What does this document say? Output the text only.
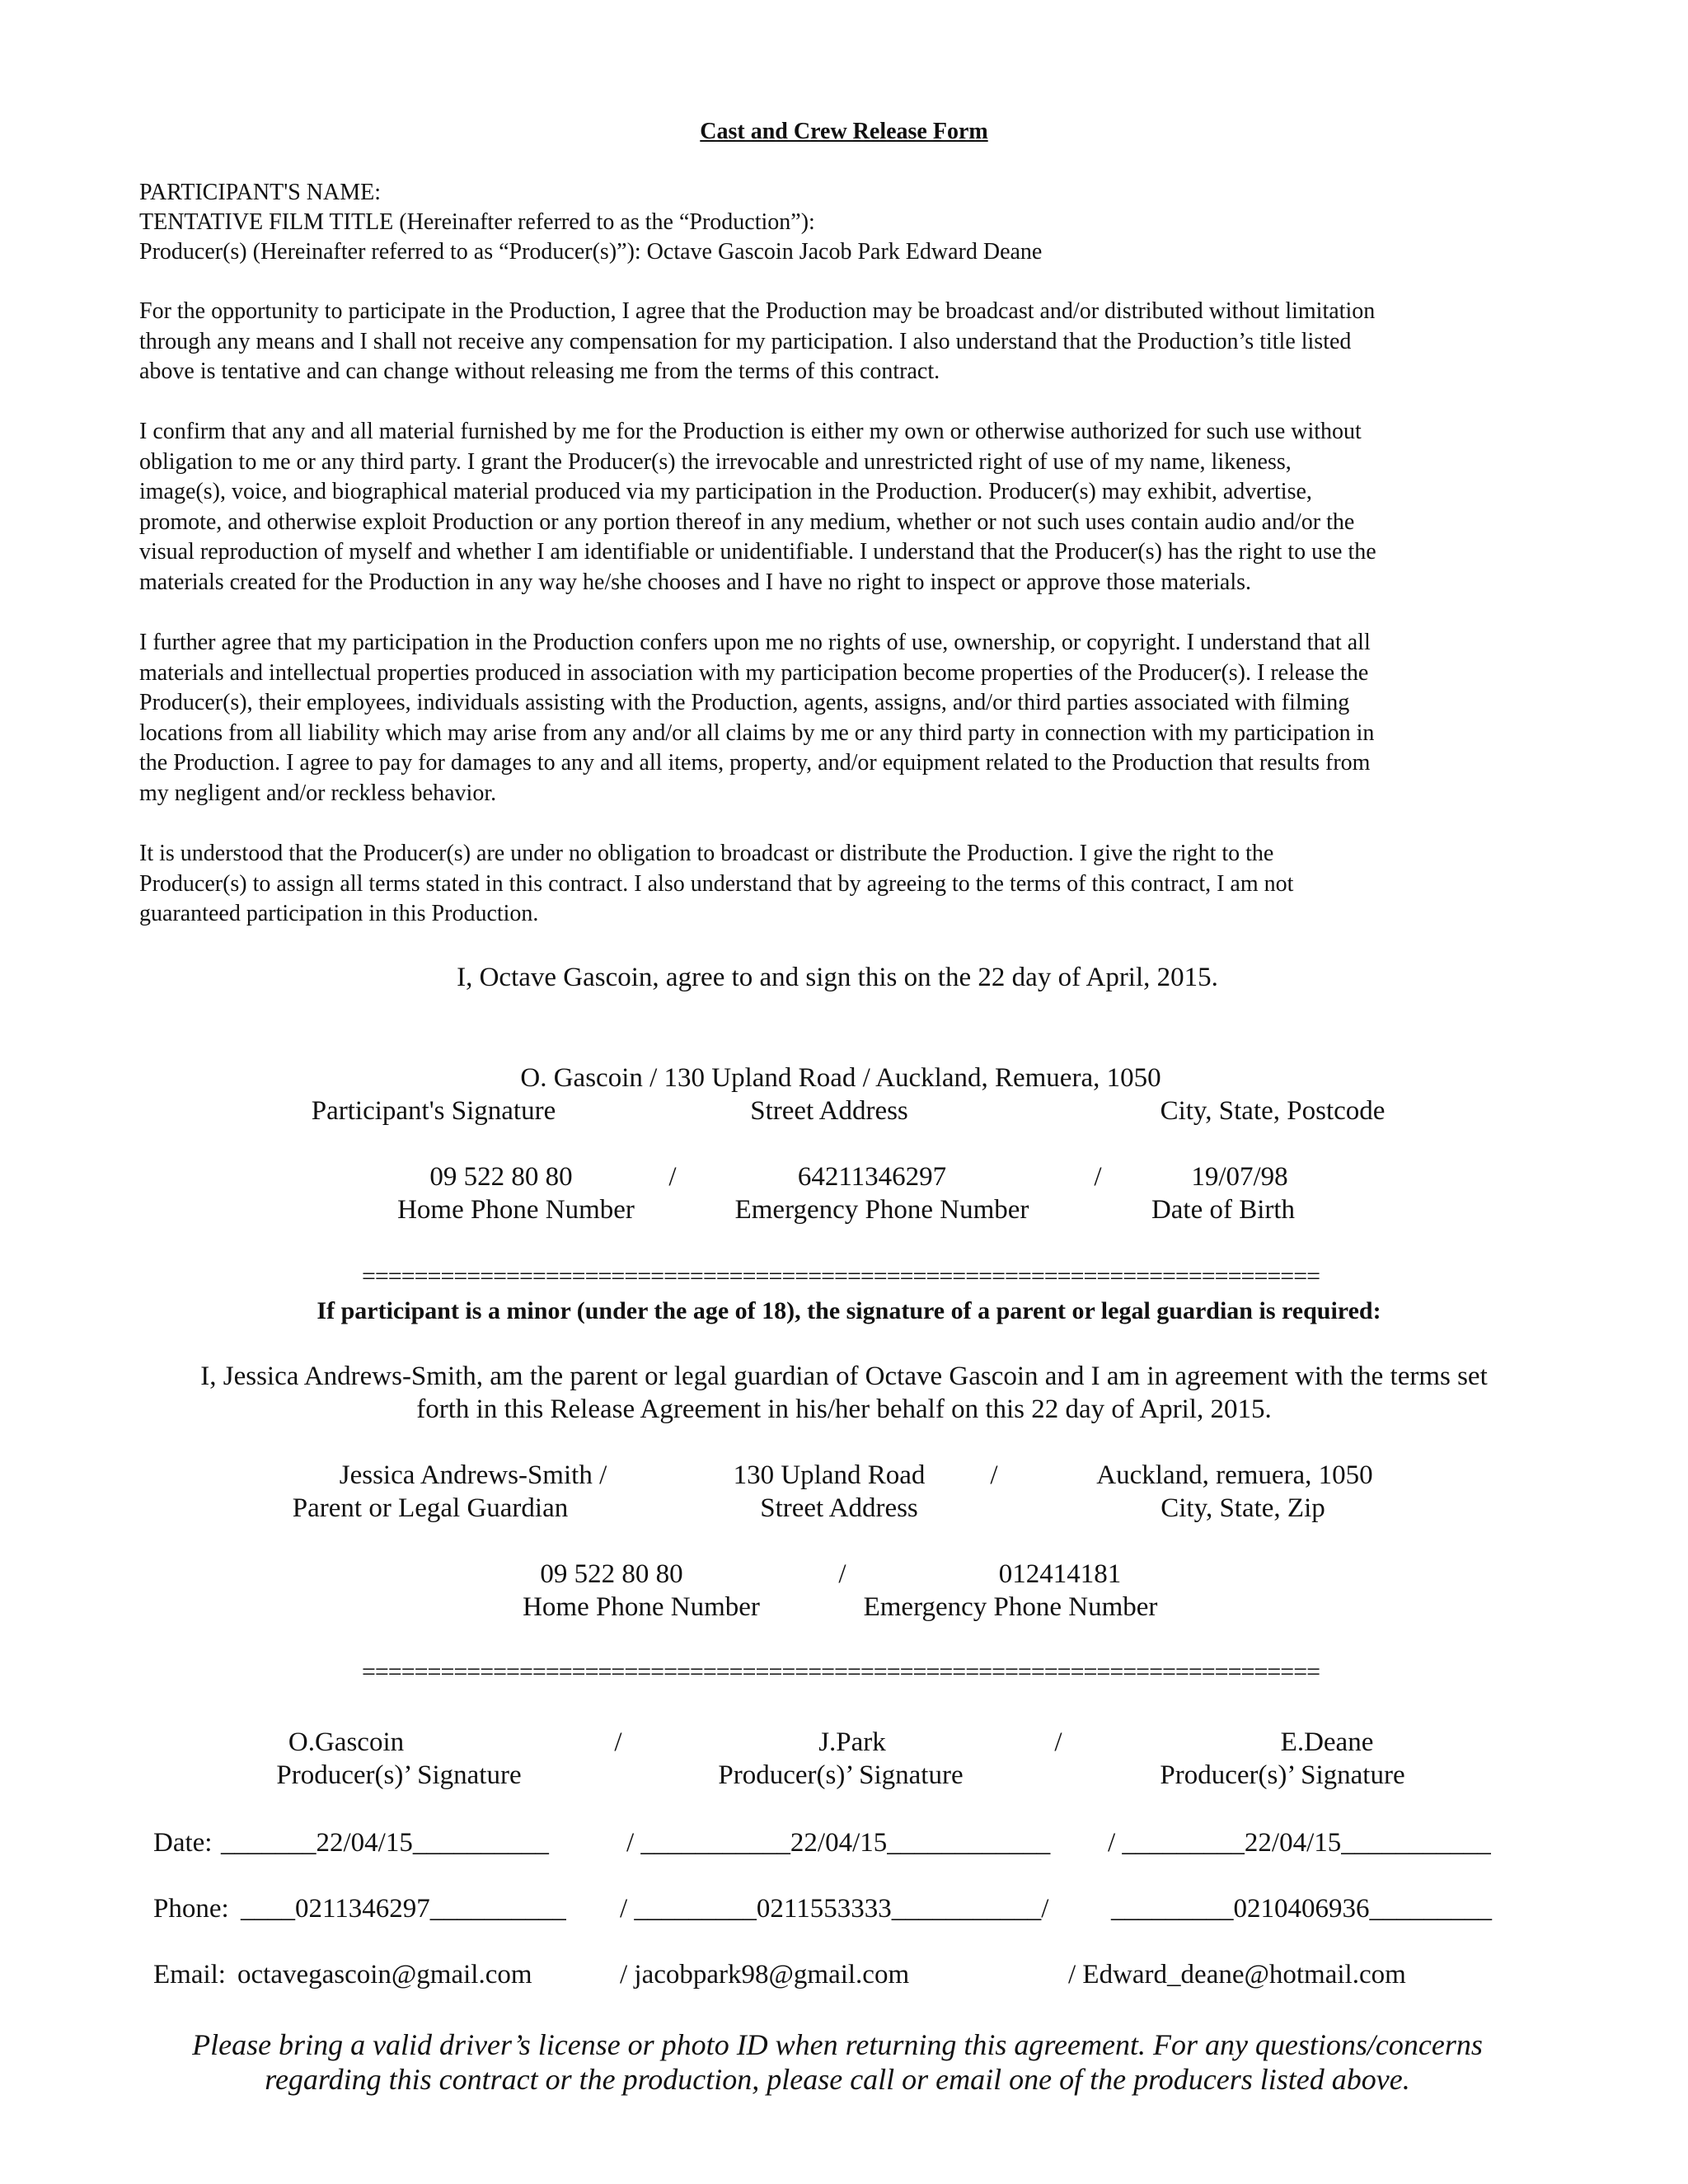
Cast and Crew Release Form
PARTICIPANT'S NAME:
TENTATIVE FILM TITLE (Hereinafter referred to as the “Production”):
Producer(s) (Hereinafter referred to as “Producer(s)”): Octave Gascoin Jacob Park Edward Deane
For the opportunity to participate in the Production, I agree that the Production may be broadcast and/or distributed without limitation
through any means and I shall not receive any compensation for my participation. I also understand that the Production’s title listed
above is tentative and can change without releasing me from the terms of this contract.
I confirm that any and all material furnished by me for the Production is either my own or otherwise authorized for such use without
obligation to me or any third party. I grant the Producer(s) the irrevocable and unrestricted right of use of my name, likeness,
image(s), voice, and biographical material produced via my participation in the Production. Producer(s) may exhibit, advertise,
promote, and otherwise exploit Production or any portion thereof in any medium, whether or not such uses contain audio and/or the
visual reproduction of myself and whether I am identifiable or unidentifiable. I understand that the Producer(s) has the right to use the
materials created for the Production in any way he/she chooses and I have no right to inspect or approve those materials.
I further agree that my participation in the Production confers upon me no rights of use, ownership, or copyright. I understand that all
materials and intellectual properties produced in association with my participation become properties of the Producer(s). I release the
Producer(s), their employees, individuals assisting with the Production, agents, assigns, and/or third parties associated with filming
locations from all liability which may arise from any and/or all claims by me or any third party in connection with my participation in
the Production. I agree to pay for damages to any and all items, property, and/or equipment related to the Production that results from
my negligent and/or reckless behavior.
It is understood that the Producer(s) are under no obligation to broadcast or distribute the Production. I give the right to the
Producer(s) to assign all terms stated in this contract. I also understand that by agreeing to the terms of this contract, I am not
guaranteed participation in this Production.
I, Octave Gascoin, agree to and sign this on the 22 day of April, 2015.
O. Gascoin / 130 Upland Road / Auckland, Remuera, 1050
Participant's Signature	Street Address	City, State, Postcode
09 522 80 80	/	64211346297	/	19/07/98
Home Phone Number	Emergency Phone Number	Date of Birth
=========================================================================
If participant is a minor (under the age of 18), the signature of a parent or legal guardian is required:
I, Jessica Andrews-Smith, am the parent or legal guardian of Octave Gascoin and I am in agreement with the terms set
forth in this Release Agreement in his/her behalf on this 22 day of April, 2015.
Jessica Andrews-Smith /	130 Upland Road /	Auckland, remuera, 1050
Parent or Legal Guardian	Street Address	City, State, Zip
09 522 80 80	/	012414181
Home Phone Number	Emergency Phone Number
=========================================================================
O.Gascoin	/	J.Park	/	E.Deane
Producer(s)’ Signature	Producer(s)’ Signature	Producer(s)’ Signature
Date: _______22/04/15__________	/ ___________22/04/15____________ / _________22/04/15___________
Phone: ____0211346297__________ / _________0211553333___________/ _________0210406936_________
Email: octavegascoin@gmail.com	/ jacobpark98@gmail.com	/ Edward_deane@hotmail.com
Please bring a valid driver’s license or photo ID when returning this agreement. For any questions/concerns
regarding this contract or the production, please call or email one of the producers listed above.
